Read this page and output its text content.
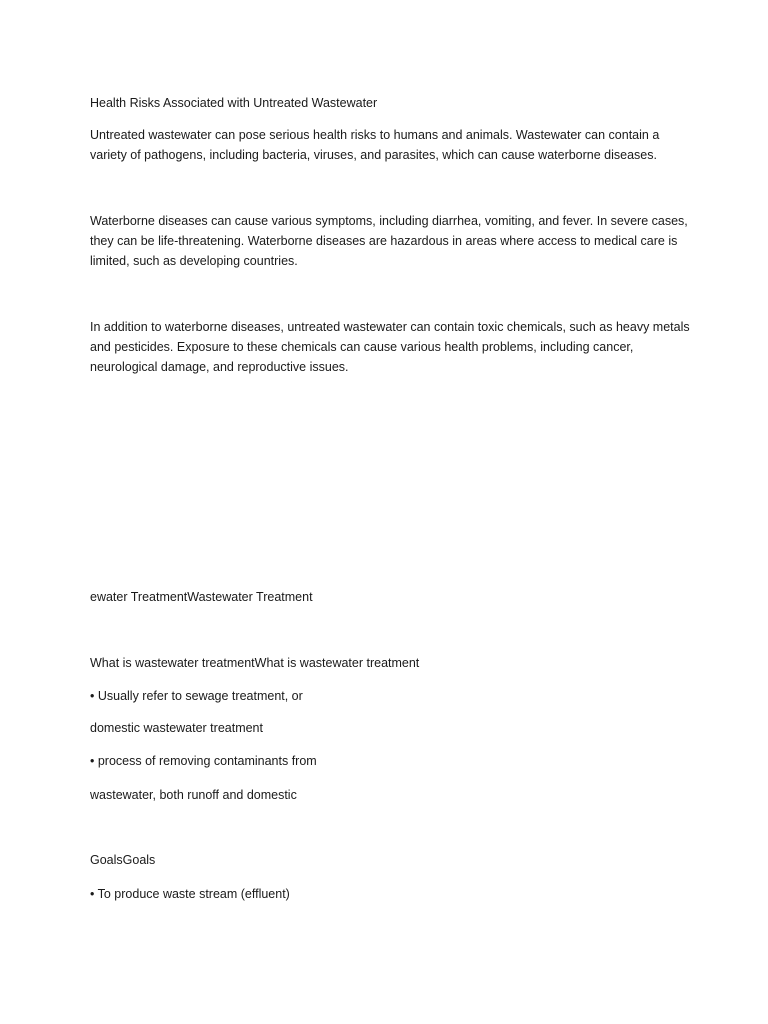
Health Risks Associated with Untreated Wastewater

Untreated wastewater can pose serious health risks to humans and animals. Wastewater can contain a variety of pathogens, including bacteria, viruses, and parasites, which can cause waterborne diseases.

Waterborne diseases can cause various symptoms, including diarrhea, vomiting, and fever. In severe cases, they can be life-threatening. Waterborne diseases are hazardous in areas where access to medical care is limited, such as developing countries.

In addition to waterborne diseases, untreated wastewater can contain toxic chemicals, such as heavy metals and pesticides. Exposure to these chemicals can cause various health problems, including cancer, neurological damage, and reproductive issues.

ewater TreatmentWastewater Treatment

What is wastewater treatmentWhat is wastewater treatment

• Usually refer to sewage treatment, or

domestic wastewater treatment

• process of removing contaminants from

wastewater, both runoff and domestic

GoalsGoals

• To produce waste stream (effluent)
